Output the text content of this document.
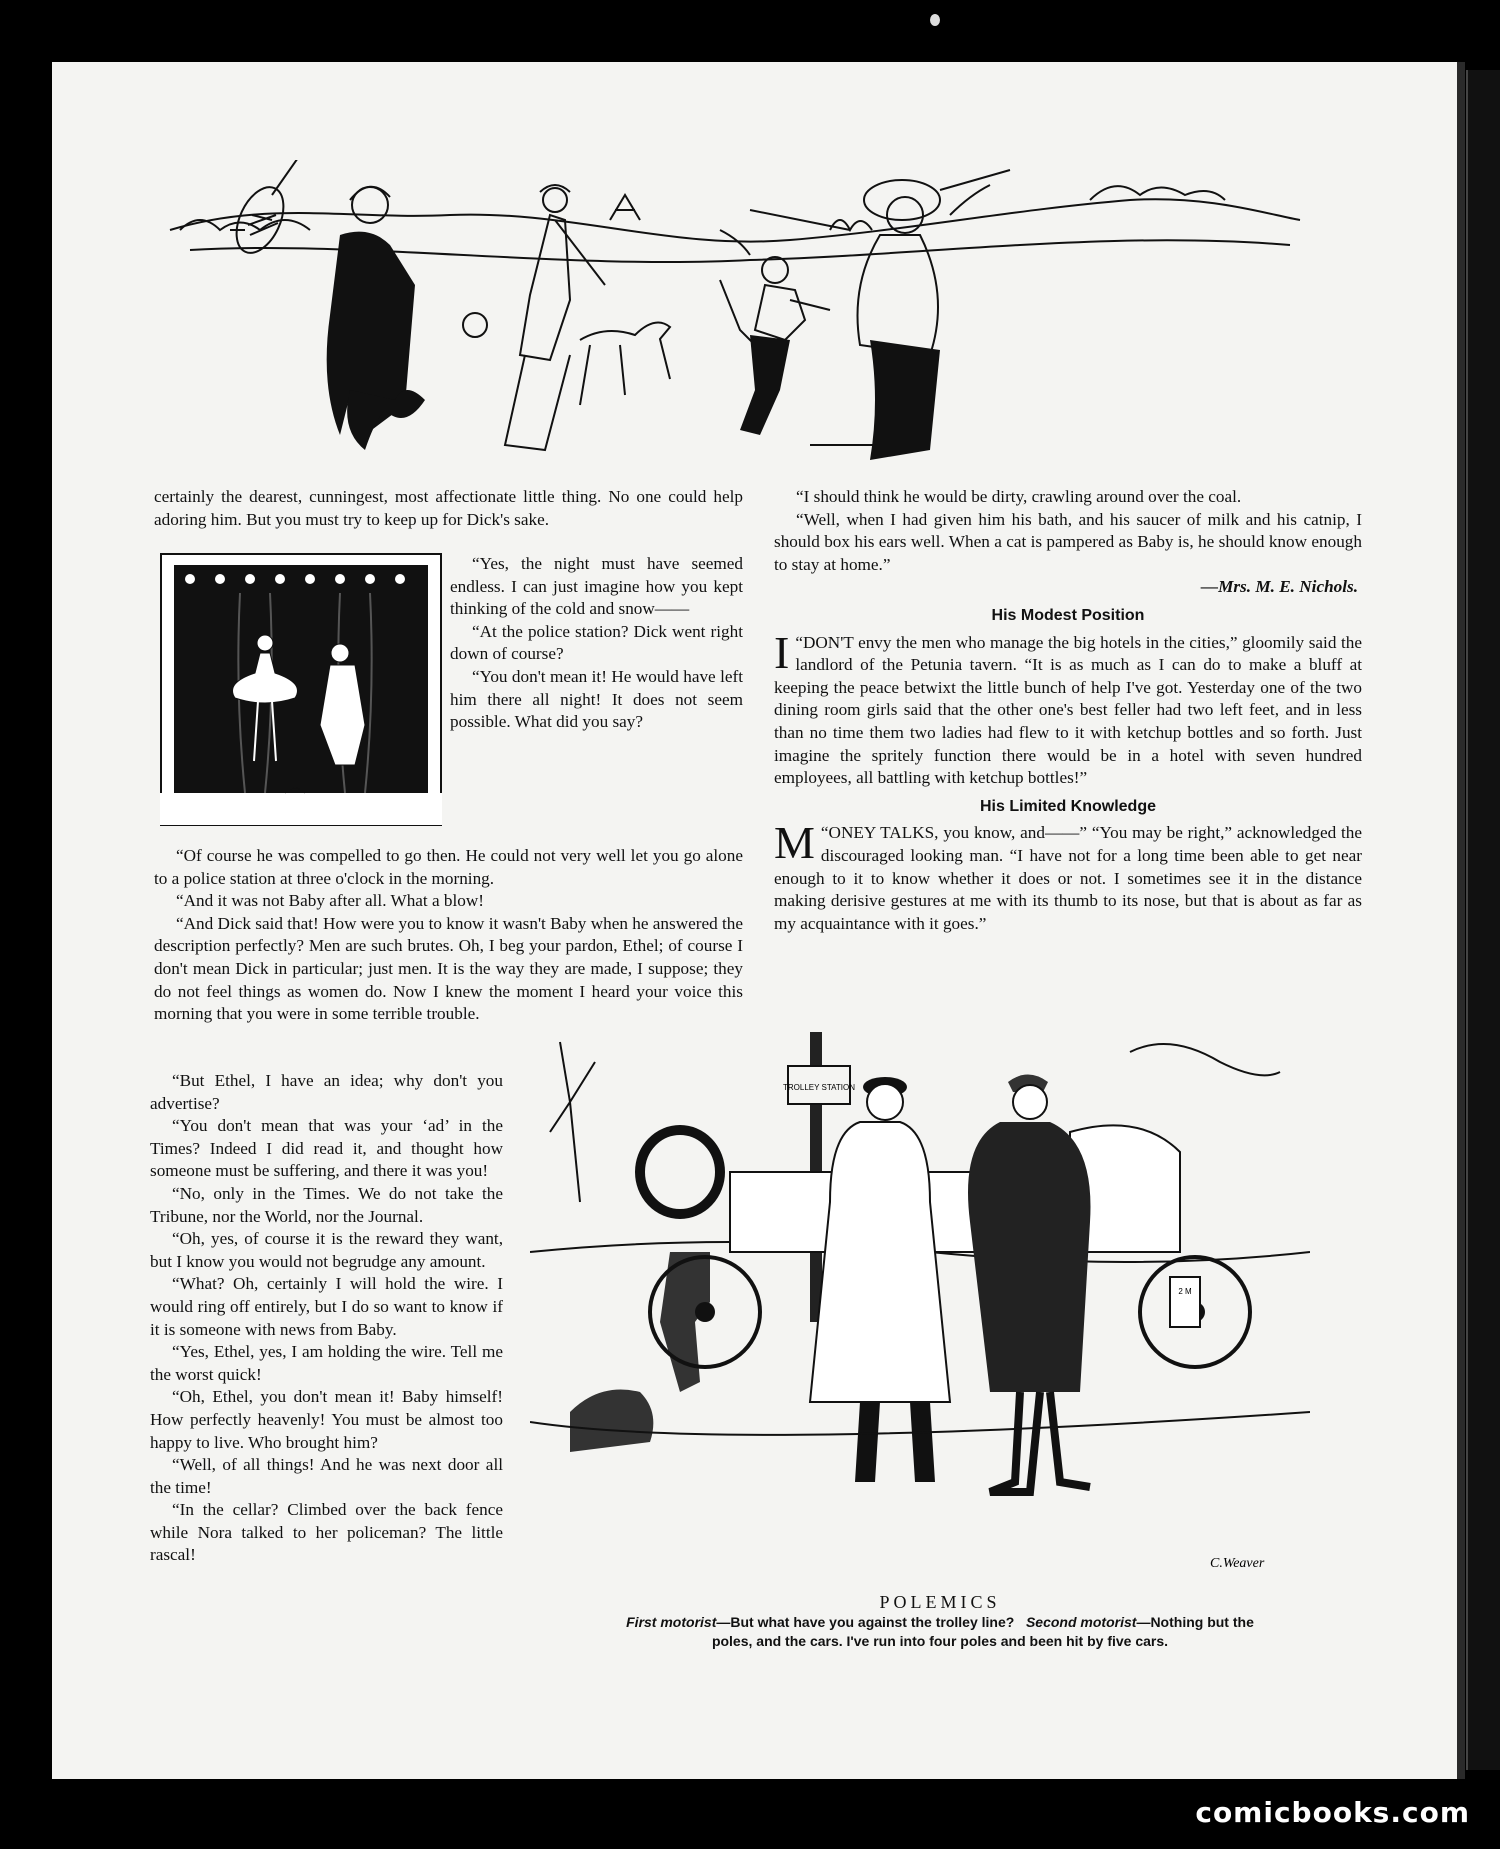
TROLLEY STATION
2 M
C.Weaver

certainly the dearest, cunningest, most affectionate little thing. No one could help adoring him. But you must try to keep up for Dick's sake.

“Yes, the night must have seemed endless. I can just imagine how you kept thinking of the cold and snow——

“At the police station? Dick went right down of course?

“You don't mean it! He would have left him there all night! It does not seem possible. What did you say?

“Of course he was compelled to go then. He could not very well let you go alone to a police station at three o'clock in the morning.

“And it was not Baby after all. What a blow!

“And Dick said that! How were you to know it wasn't Baby when he answered the description perfectly? Men are such brutes. Oh, I beg your pardon, Ethel; of course I don't mean Dick in particular; just men. It is the way they are made, I suppose; they do not feel things as women do. Now I knew the moment I heard your voice this morning that you were in some terrible trouble.

“But Ethel, I have an idea; why don't you advertise?

“You don't mean that was your ‘ad’ in the Times? Indeed I did read it, and thought how someone must be suffering, and there it was you!

“No, only in the Times. We do not take the Tribune, nor the World, nor the Journal.

“Oh, yes, of course it is the reward they want, but I know you would not begrudge any amount.

“What? Oh, certainly I will hold the wire. I would ring off entirely, but I do so want to know if it is someone with news from Baby.

“Yes, Ethel, yes, I am holding the wire. Tell me the worst quick!

“Oh, Ethel, you don't mean it! Baby himself! How perfectly heavenly! You must be almost too happy to live. Who brought him?

“Well, of all things! And he was next door all the time!

“In the cellar? Climbed over the back fence while Nora talked to her policeman? The little rascal!

“I should think he would be dirty, crawling around over the coal.

“Well, when I had given him his bath, and his saucer of milk and his catnip, I should box his ears well. When a cat is pampered as Baby is, he should know enough to stay at home.”

—Mrs. M. E. Nichols.
His Modest Position

“
I DON'T envy the men who manage the big hotels in the cities,” gloomily said the landlord of the Petunia tavern. “It is as much as I can do to make a bluff at keeping the peace betwixt the little bunch of help I've got. Yesterday one of the two dining room girls said that the other one's best feller had two left feet, and in less than no time them two ladies had flew to it with ketchup bottles and so forth. Just imagine the spritely function there would be in a hotel with seven hundred employees, all battling with ketchup bottles!”

His Limited Knowledge

“
M ONEY TALKS, you know, and——” “You may be right,” acknowledged the discouraged looking man. “I have not for a long time been able to get near enough to it to know whether it does or not. I sometimes see it in the distance making derisive gestures at me with its thumb to its nose, but that is about as far as my acquaintance with it goes.”

POLEMICS
First motorist—But what have you against the trolley line? Second motorist—Nothing but the
poles, and the cars. I've run into four poles and been hit by five cars.
comicbooks.com
